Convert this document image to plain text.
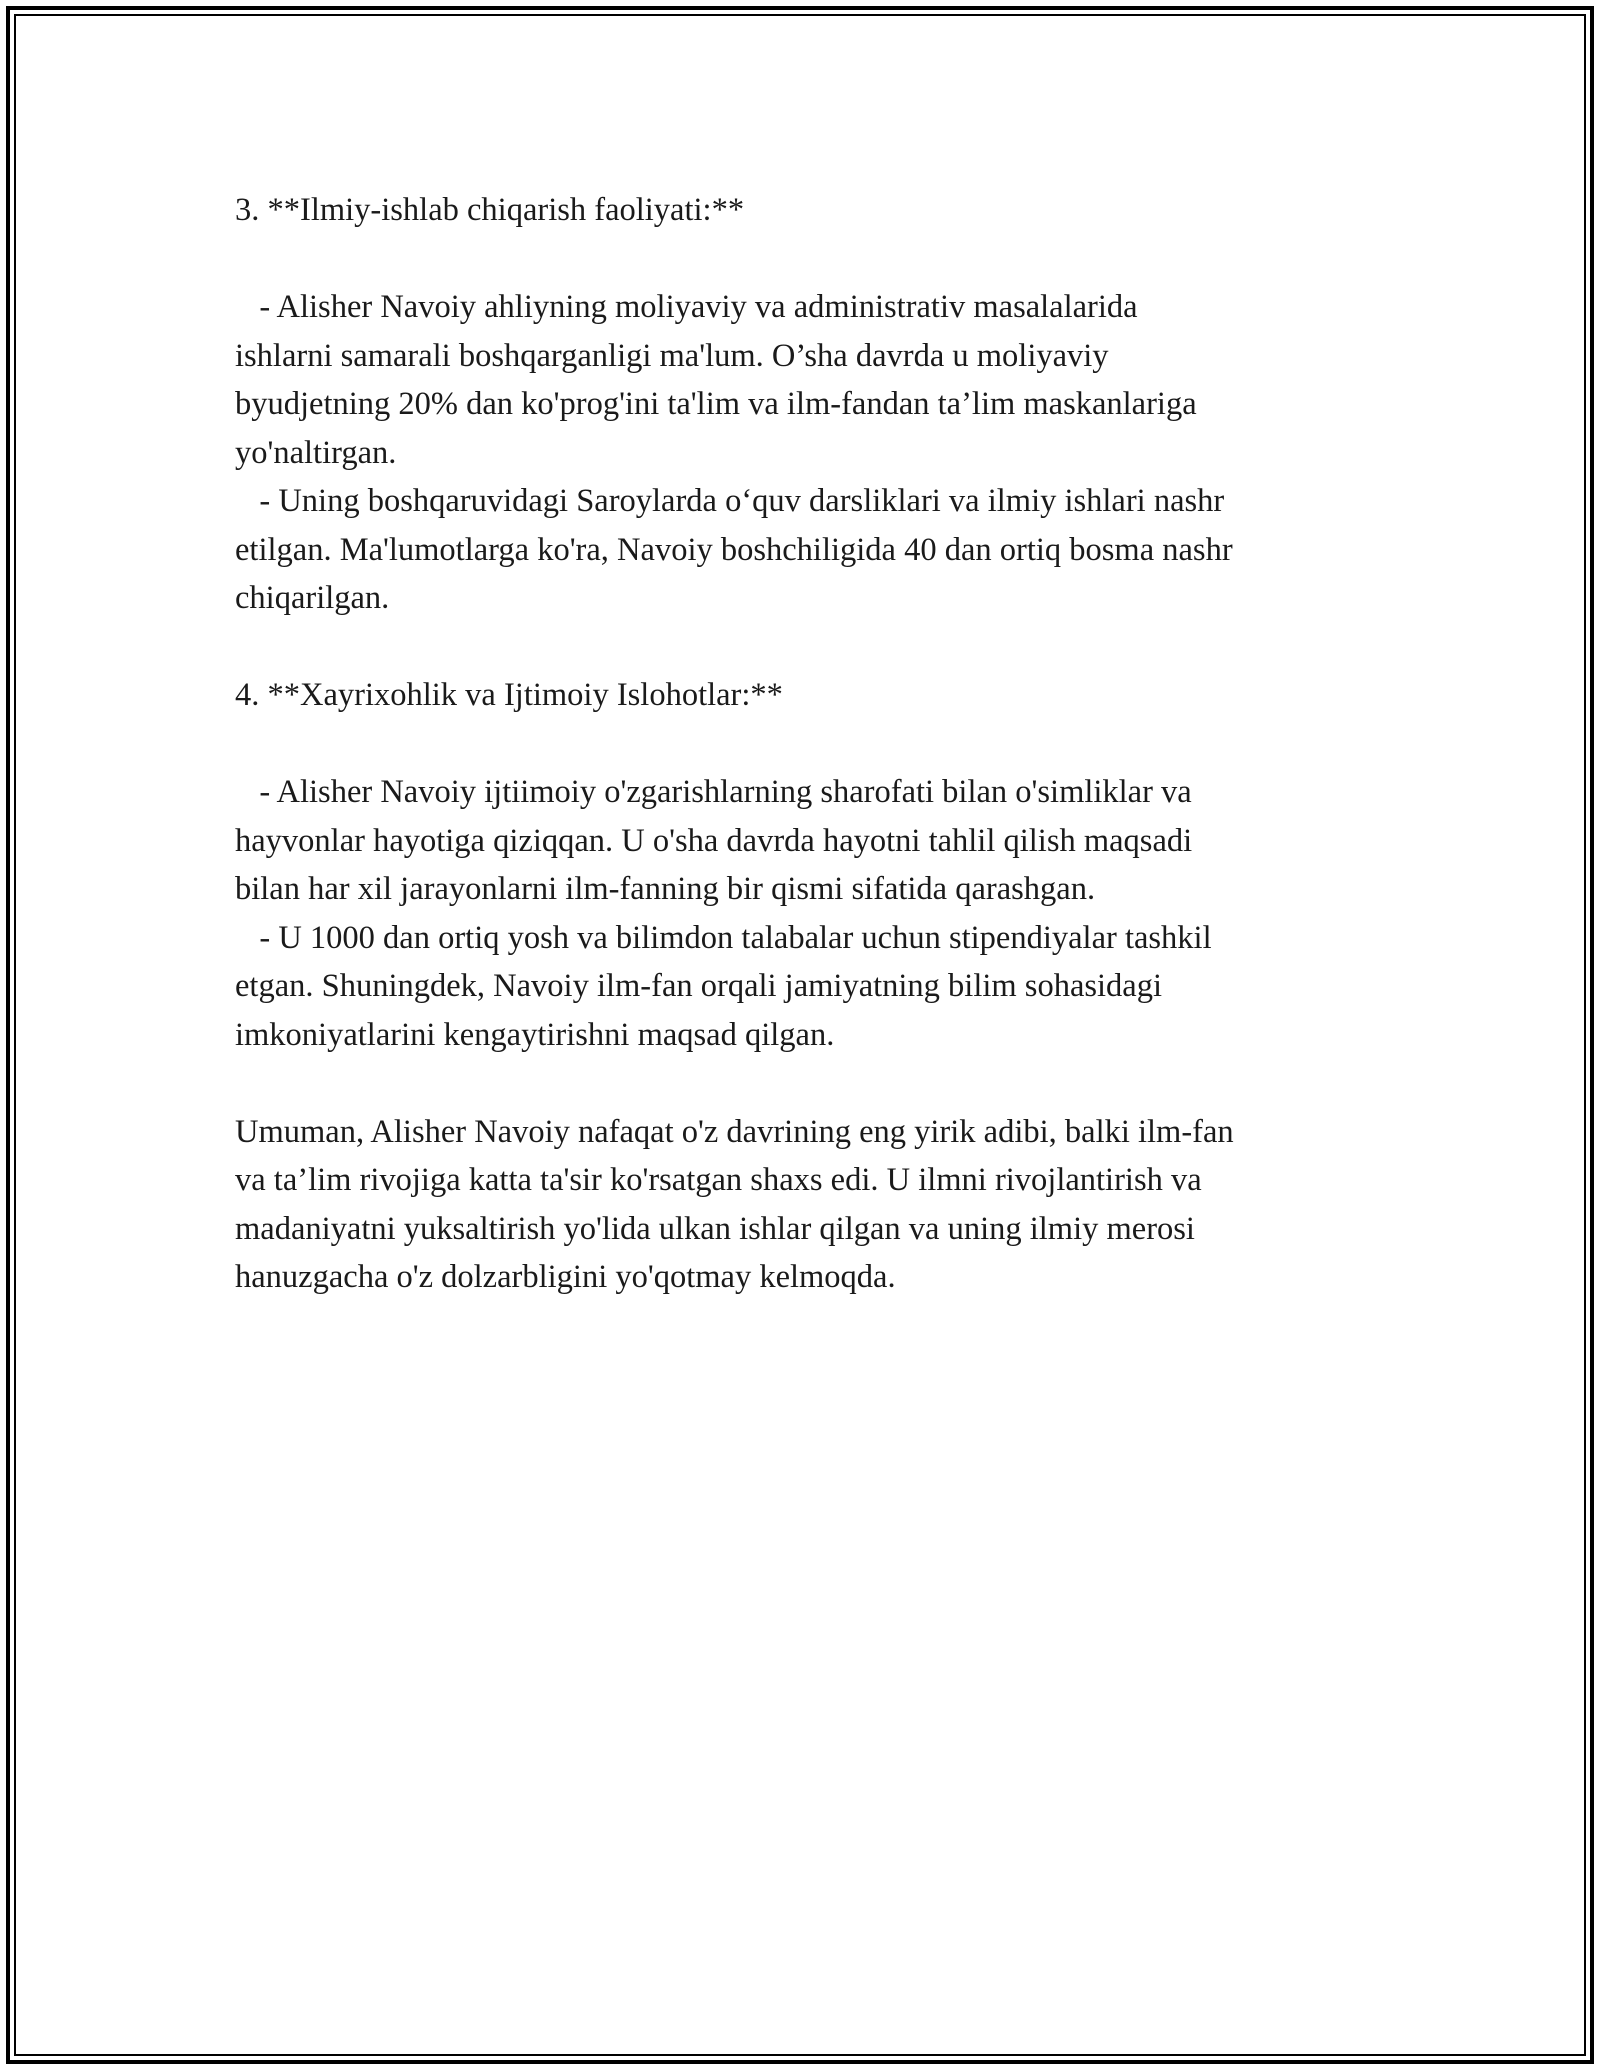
3. **Ilmiy-ishlab chiqarish faoliyati:**
- Alisher Navoiy ahliyning moliyaviy va administrativ masalalarida
ishlarni samarali boshqarganligi ma'lum. O’sha davrda u moliyaviy
byudjetning 20% dan ko'prog'ini ta'lim va ilm-fandan ta’lim maskanlariga
yo'naltirgan.
- Uning boshqaruvidagi Saroylarda o‘quv darsliklari va ilmiy ishlari nashr
etilgan. Ma'lumotlarga ko'ra, Navoiy boshchiligida 40 dan ortiq bosma nashr
chiqarilgan.
4. **Xayrixohlik va Ijtimoiy Islohotlar:**
- Alisher Navoiy ijtiimoiy o'zgarishlarning sharofati bilan o'simliklar va
hayvonlar hayotiga qiziqqan. U o'sha davrda hayotni tahlil qilish maqsadi
bilan har xil jarayonlarni ilm-fanning bir qismi sifatida qarashgan.
- U 1000 dan ortiq yosh va bilimdon talabalar uchun stipendiyalar tashkil
etgan. Shuningdek, Navoiy ilm-fan orqali jamiyatning bilim sohasidagi
imkoniyatlarini kengaytirishni maqsad qilgan.
Umuman, Alisher Navoiy nafaqat o'z davrining eng yirik adibi, balki ilm-fan
va ta’lim rivojiga katta ta'sir ko'rsatgan shaxs edi. U ilmni rivojlantirish va
madaniyatni yuksaltirish yo'lida ulkan ishlar qilgan va uning ilmiy merosi
hanuzgacha o'z dolzarbligini yo'qotmay kelmoqda.
